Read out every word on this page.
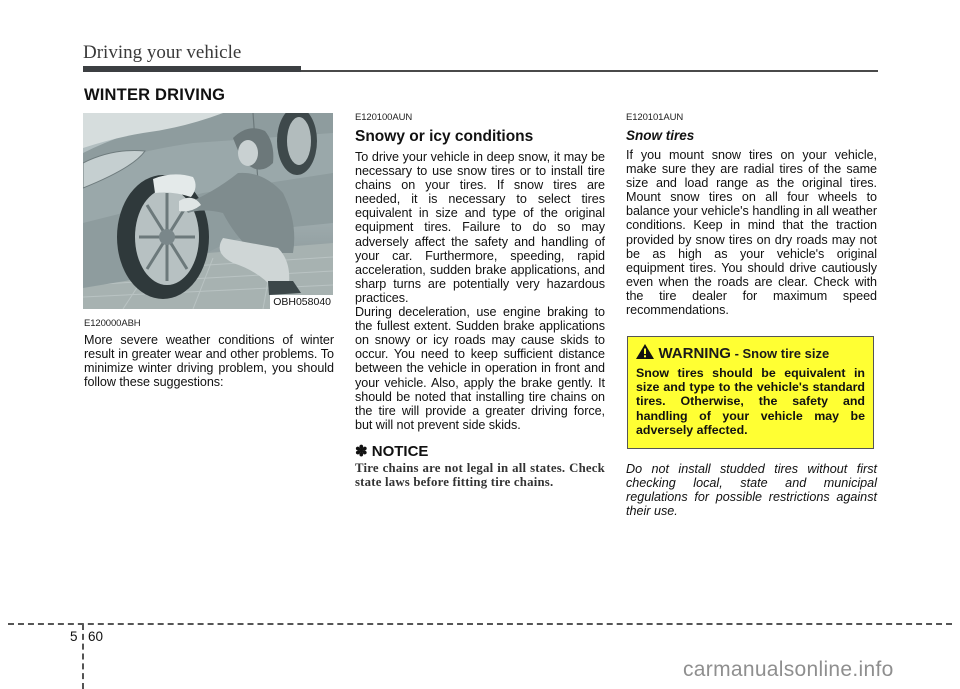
Driving your vehicle
WINTER DRIVING
OBH058040
E120000ABH
More severe weather conditions of winter result in greater wear and other problems. To minimize winter driving problem, you should follow these suggestions:
E120100AUN
Snowy or icy conditions
To drive your vehicle in deep snow, it may be necessary to use snow tires or to install tire chains on your tires. If snow tires are needed, it is necessary to select tires equivalent in size and type of the original equipment tires. Failure to do so may adversely affect the safety and handling of your car. Furthermore, speeding, rapid acceleration, sudden brake applications, and sharp turns are potentially very hazardous practices.
During deceleration, use engine braking to the fullest extent. Sudden brake applications on snowy or icy roads may cause skids to occur. You need to keep sufficient distance between the vehicle in operation in front and your vehicle. Also, apply the brake gently. It should be noted that installing tire chains on the tire will provide a greater driving force, but will not prevent side skids.
✽ NOTICE
Tire chains are not legal in all states. Check state laws before fitting tire chains.
E120101AUN
Snow tires
If you mount snow tires on your vehicle, make sure they are radial tires of the same size and load range as the original tires. Mount snow tires on all four wheels to balance your vehicle's handling in all weather conditions. Keep in mind that the traction provided by snow tires on dry roads may not be as high as your vehicle's original equipment tires. You should drive cautiously even when the roads are clear. Check with the tire dealer for maximum speed recommendations.
WARNING - Snow tire size
Snow tires should be equivalent in size and type to the vehicle's standard tires. Otherwise, the safety and handling of your vehicle may be adversely affected.
Do not install studded tires without first checking local, state and municipal regulations for possible restrictions against their use.
5 60
carmanualsonline.info
